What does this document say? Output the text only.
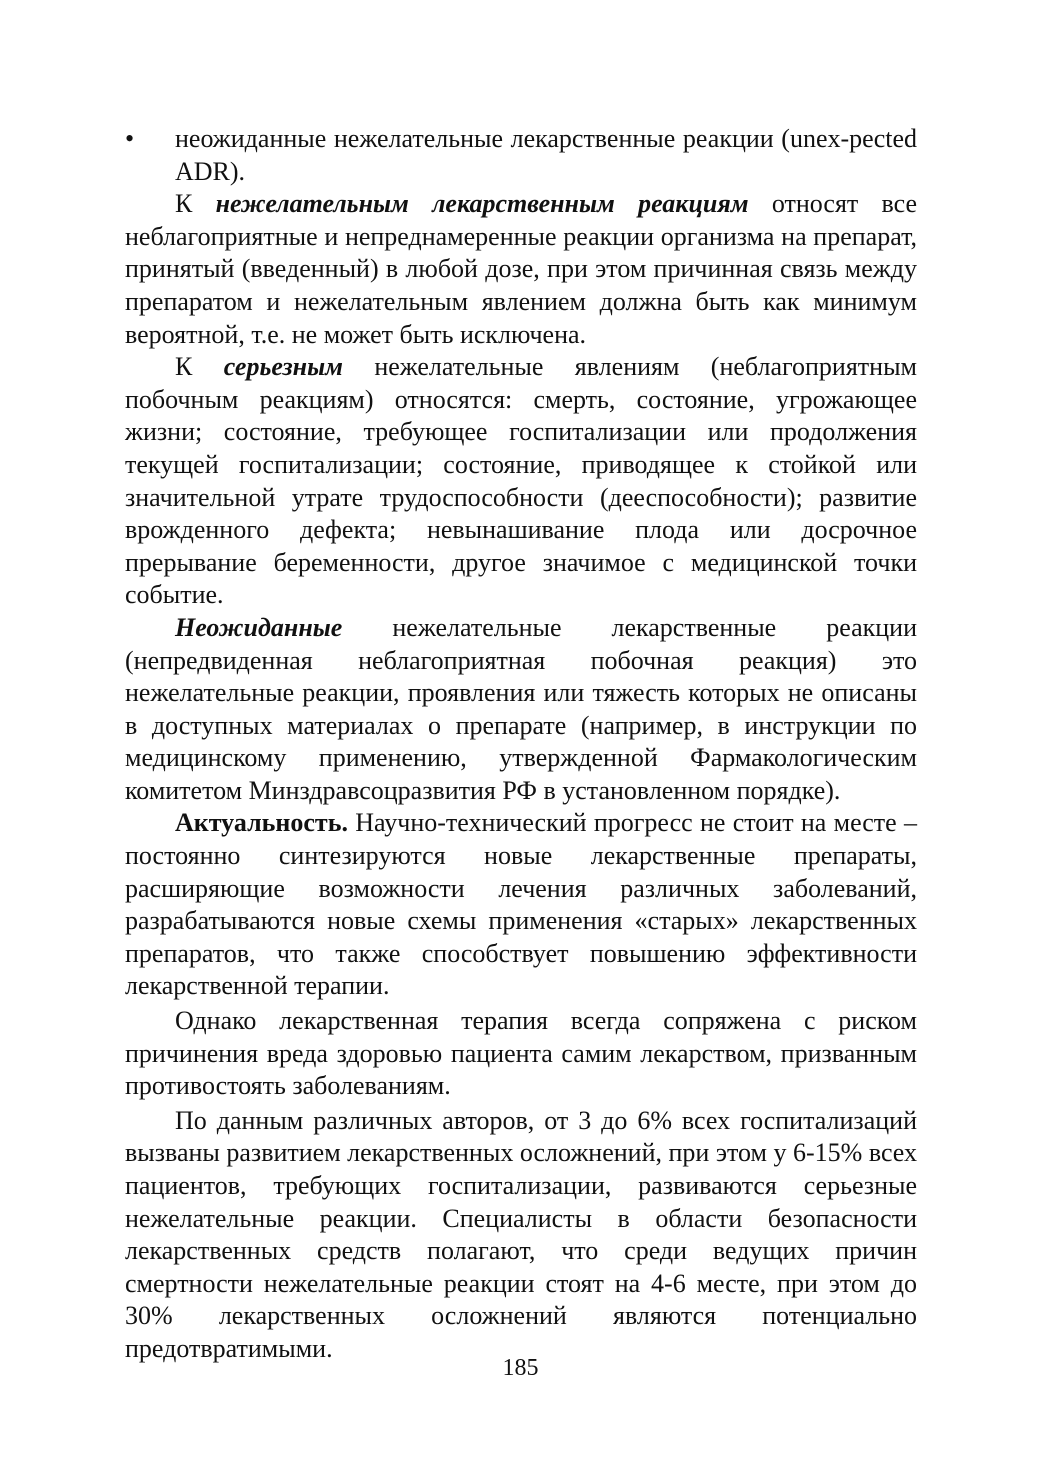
• неожиданные нежелательные лекарственные реакции (unex-pected ADR).

К нежелательным лекарственным реакциям относят все неблагоприятные и непреднамеренные реакции организма на препарат, принятый (введенный) в любой дозе, при этом причинная связь между препаратом и нежелательным явлением должна быть как минимум вероятной, т.е. не может быть исключена.

К серьезным нежелательные явлениям (неблагоприятным побочным реакциям) относятся: смерть, состояние, угрожающее жизни; состояние, требующее госпитализации или продолжения текущей госпитализации; состояние, приводящее к стойкой или значительной утрате трудоспособности (дееспособности); развитие врожденного дефекта; невынашивание плода или досрочное прерывание беременности, другое значимое с медицинской точки событие.

Неожиданные нежелательные лекарственные реакции (непредвиденная неблагоприятная побочная реакция) это нежелательные реакции, проявления или тяжесть которых не описаны в доступных материалах о препарате (например, в инструкции по медицинскому применению, утвержденной Фармакологическим комитетом Минздравсоцразвития РФ в установленном порядке).

Актуальность. Научно-технический прогресс не стоит на месте – постоянно синтезируются новые лекарственные препараты, расширяющие возможности лечения различных заболеваний, разрабатываются новые схемы применения «старых» лекарственных препаратов, что также способствует повышению эффективности лекарственной терапии.

Однако лекарственная терапия всегда сопряжена с риском причинения вреда здоровью пациента самим лекарством, призванным противостоять заболеваниям.

По данным различных авторов, от 3 до 6% всех госпитализаций вызваны развитием лекарственных осложнений, при этом у 6-15% всех пациентов, требующих госпитализации, развиваются серьезные нежелательные реакции. Специалисты в области безопасности лекарственных средств полагают, что среди ведущих причин смертности нежелательные реакции стоят на 4-6 месте, при этом до 30% лекарственных осложнений являются потенциально предотвратимыми.

185
